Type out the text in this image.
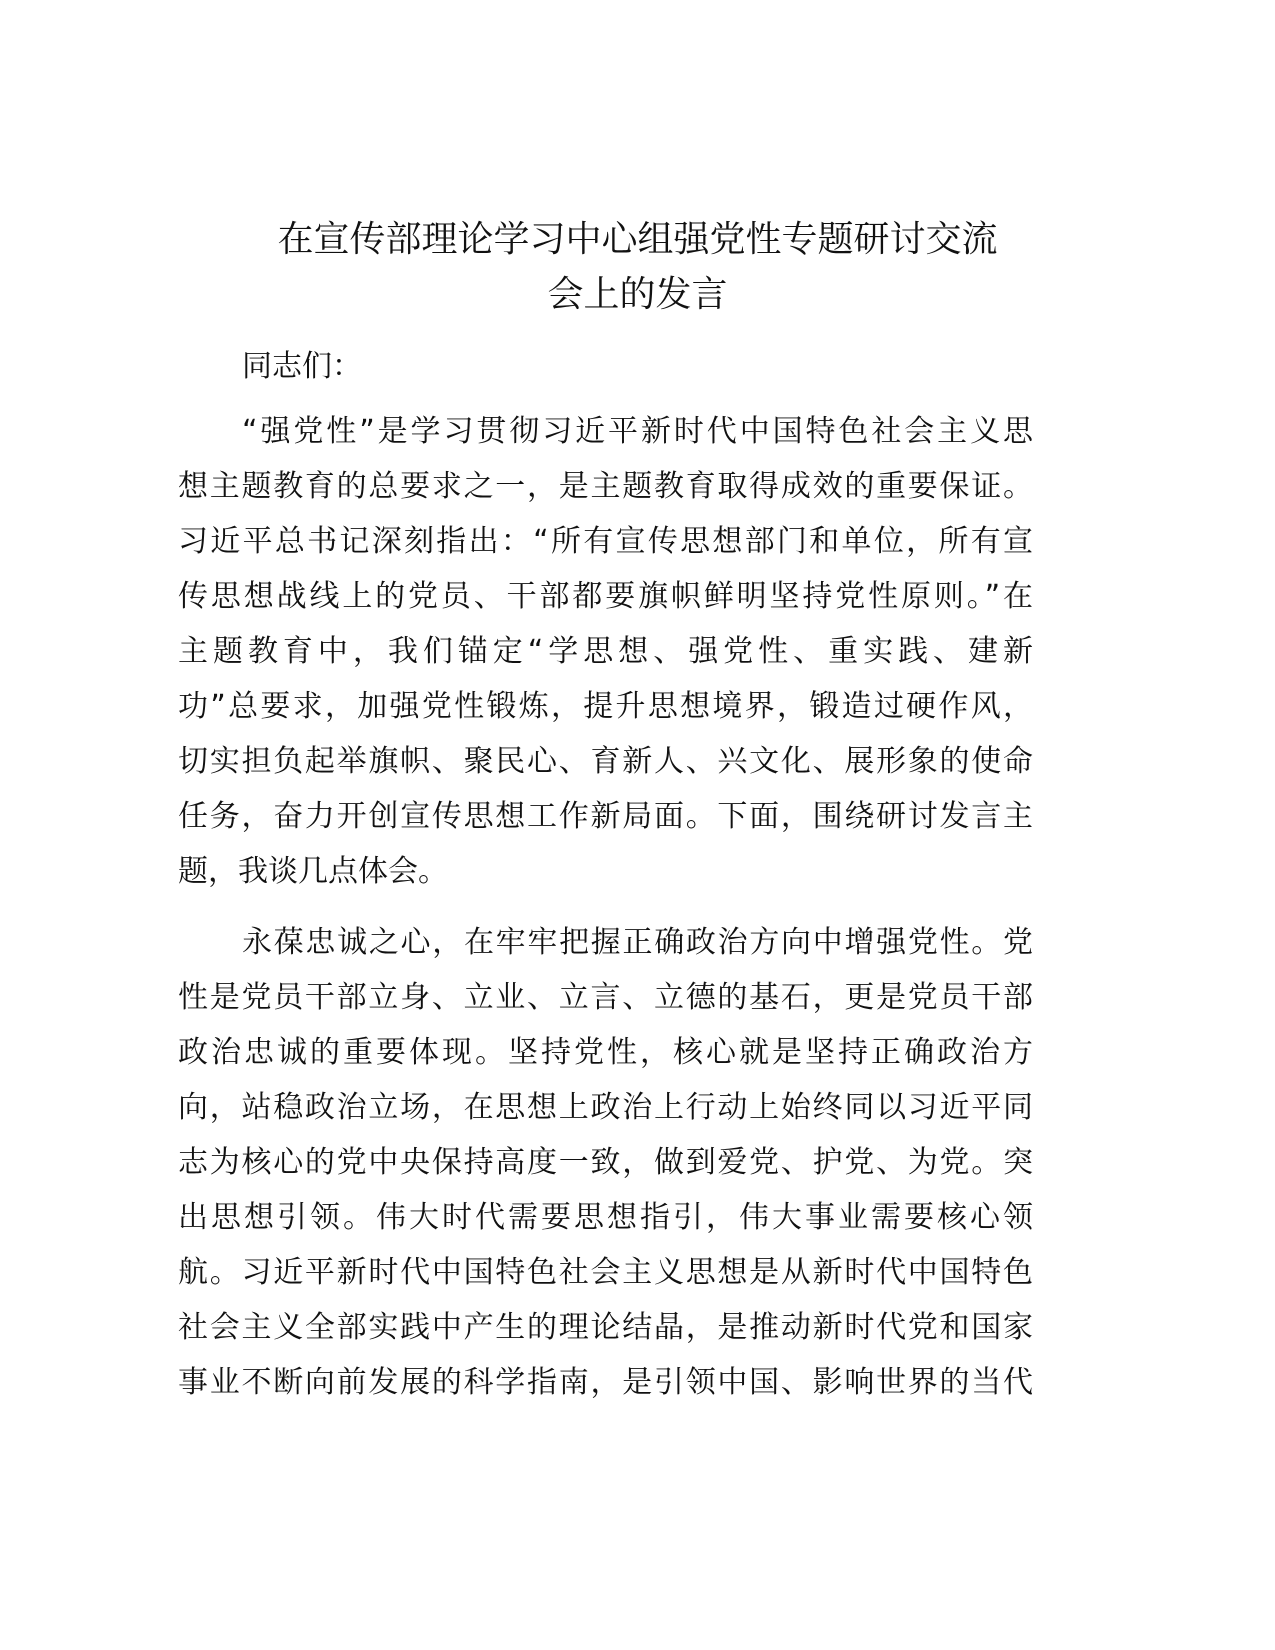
在宣传部理论学习中心组强党性专题研讨交流
会上的发言
同志们：
“强党性”是学习贯彻习近平新时代中国特色社会主义思
想主题教育的总要求之一，是主题教育取得成效的重要保证。
习近平总书记深刻指出：“所有宣传思想部门和单位，所有宣
传思想战线上的党员、干部都要旗帜鲜明坚持党性原则。”在
主题教育中，我们锚定“学思想、强党性、重实践、建新
功”总要求，加强党性锻炼，提升思想境界，锻造过硬作风，
切实担负起举旗帜、聚民心、育新人、兴文化、展形象的使命
任务，奋力开创宣传思想工作新局面。下面，围绕研讨发言主
题，我谈几点体会。
永葆忠诚之心，在牢牢把握正确政治方向中增强党性。党
性是党员干部立身、立业、立言、立德的基石，更是党员干部
政治忠诚的重要体现。坚持党性，核心就是坚持正确政治方
向，站稳政治立场，在思想上政治上行动上始终同以习近平同
志为核心的党中央保持高度一致，做到爱党、护党、为党。突
出思想引领。伟大时代需要思想指引，伟大事业需要核心领
航。习近平新时代中国特色社会主义思想是从新时代中国特色
社会主义全部实践中产生的理论结晶，是推动新时代党和国家
事业不断向前发展的科学指南，是引领中国、影响世界的当代
